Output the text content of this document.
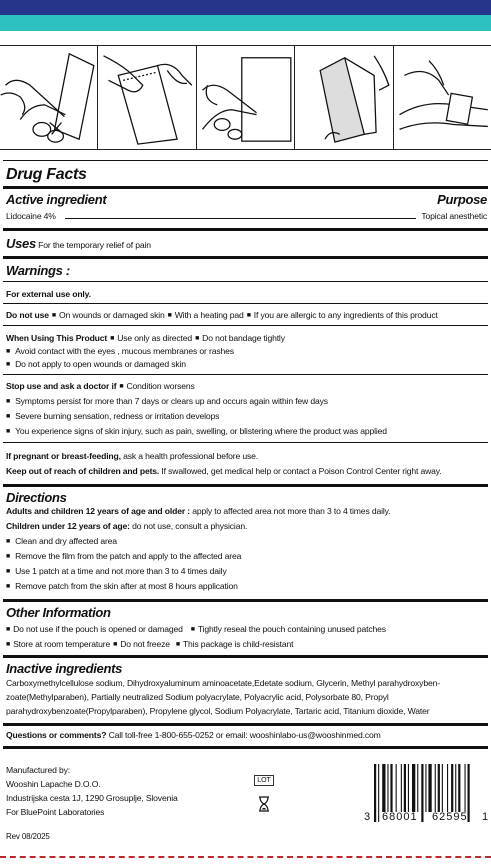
Drug Facts
Active ingredient	Purpose
Lidocaine 4%	Topical anesthetic
Uses For the temporary relief of pain
Warnings :
For external use only.
Do not use ■ On wounds or damaged skin ■ With a heating pad ■ If you are allergic to any ingredients of this product
When Using This Product ■ Use only as directed ■ Do not bandage tightly
■ Avoid contact with the eyes , mucous membranes or rashes
■ Do not apply to open wounds or damaged skin
Stop use and ask a doctor if ■ Condition worsens
■ Symptoms persist for more than 7 days or clears up and occurs again within few days
■ Severe burning sensation, redness or irritation develops
■ You experience signs of skin injury, such as pain, swelling, or blistering where the product was applied
If pregnant or breast-feeding, ask a health professional before use.
Keep out of reach of children and pets. If swallowed, get medical help or contact a Poison Control Center right away.
Directions
Adults and children 12 years of age and older : apply to affected area not more than 3 to 4 times daily.
Children under 12 years of age: do not use, consult a physician.
■ Clean and dry affected area
■ Remove the film from the patch and apply to the affected area
■ Use 1 patch at a time and not more than 3 to 4 times daily
■ Remove patch from the skin after at most 8 hours application
Other Information
■ Do not use if the pouch is opened or damaged ■ Tightly reseal the pouch containing unused patches
■ Store at room temperature ■ Do not freeze ■ This package is child-resistant
Inactive ingredients
Carboxymethylcellulose sodium, Dihydroxyaluminum aminoacetate,Edetate sodium, Glycerin, Methyl parahydroxyben-
zoate(Methylparaben), Partially neutralized Sodium polyacrylate, Polyacrylic acid, Polysorbate 80, Propyl
parahydroxybenzoate(Propylparaben), Propylene glycol, Sodium Polyacrylate, Tartaric acid, Titanium dioxide, Water
Questions or comments? Call toll-free 1-800-655-0252 or email: wooshinlabo-us@wooshinmed.com
Manufactured by:
Wooshin Lapache D.O.O.
Industrijska cesta 1J, 1290 Grosuplje, Slovenia
For BluePoint Laboratories
Rev 08/2025
LOT
3 68001 62595 1
